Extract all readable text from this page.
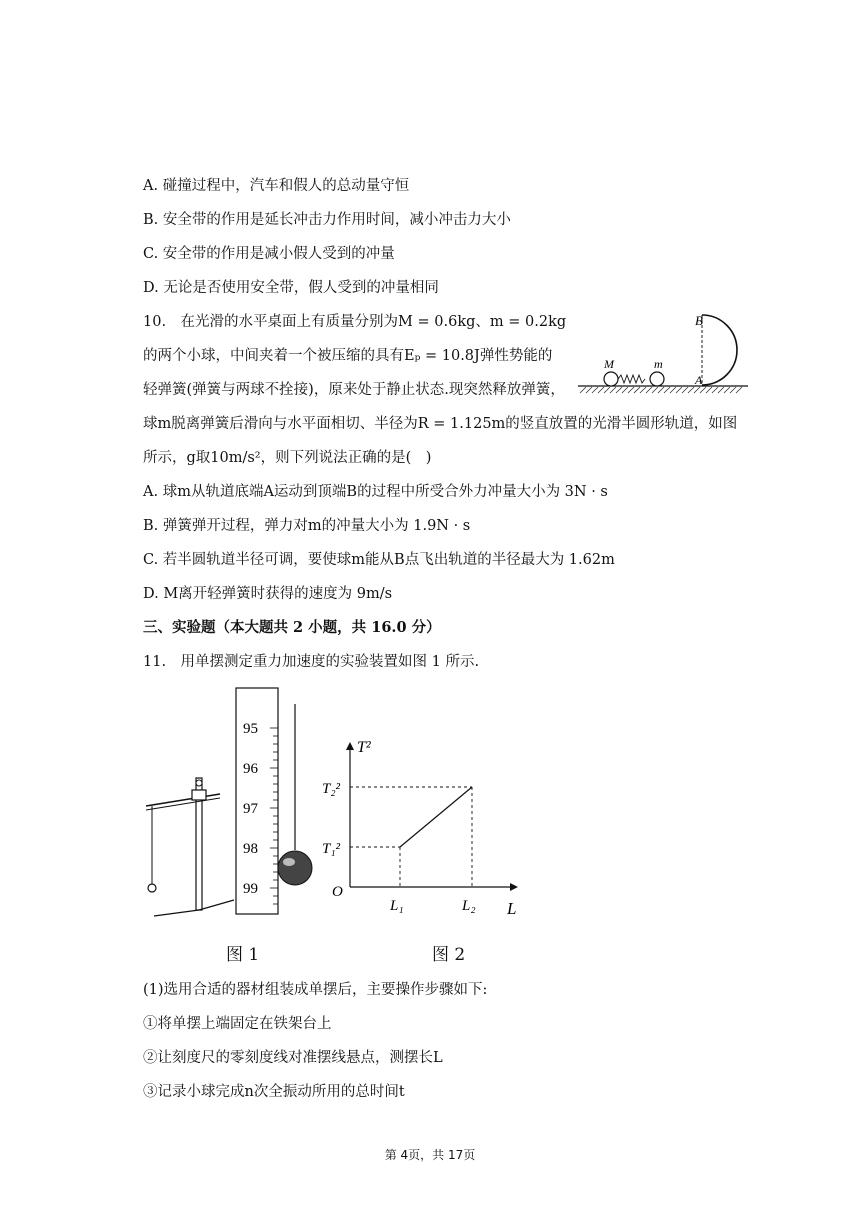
A. 碰撞过程中，汽车和假人的总动量守恒
B. 安全带的作用是延长冲击力作用时间，减小冲击力大小
C. 安全带的作用是减小假人受到的冲量
D. 无论是否使用安全带，假人受到的冲量相同
10.　在光滑的水平桌面上有质量分别为M = 0.6kg、m = 0.2kg
的两个小球，中间夹着一个被压缩的具有Eₚ = 10.8J弹性势能的
轻弹簧(弹簧与两球不拴接)，原来处于静止状态.现突然释放弹簧，
球m脱离弹簧后滑向与水平面相切、半径为R = 1.125m的竖直放置的光滑半圆形轨道，如图
所示，g取10m/s²，则下列说法正确的是(　)
B
A
M	m
A. 球m从轨道底端A运动到顶端B的过程中所受合外力冲量大小为 3N · s
B. 弹簧弹开过程，弹力对m的冲量大小为 1.9N · s
C. 若半圆轨道半径可调，要使球m能从B点飞出轨道的半径最大为 1.62m
D. M离开轻弹簧时获得的速度为 9m/s
三、实验题（本大题共 2 小题，共 16.0 分）
11.　用单摆测定重力加速度的实验装置如图 1 所示.
95
96
97
98
99
T²
L
O
L₁	L₂
T₁²
T₂²
图 1	图 2
(1)选用合适的器材组装成单摆后，主要操作步骤如下:
①将单摆上端固定在铁架台上
②让刻度尺的零刻度线对准摆线悬点，测摆长L
③记录小球完成n次全振动所用的总时间t
第 4页，共 17页
